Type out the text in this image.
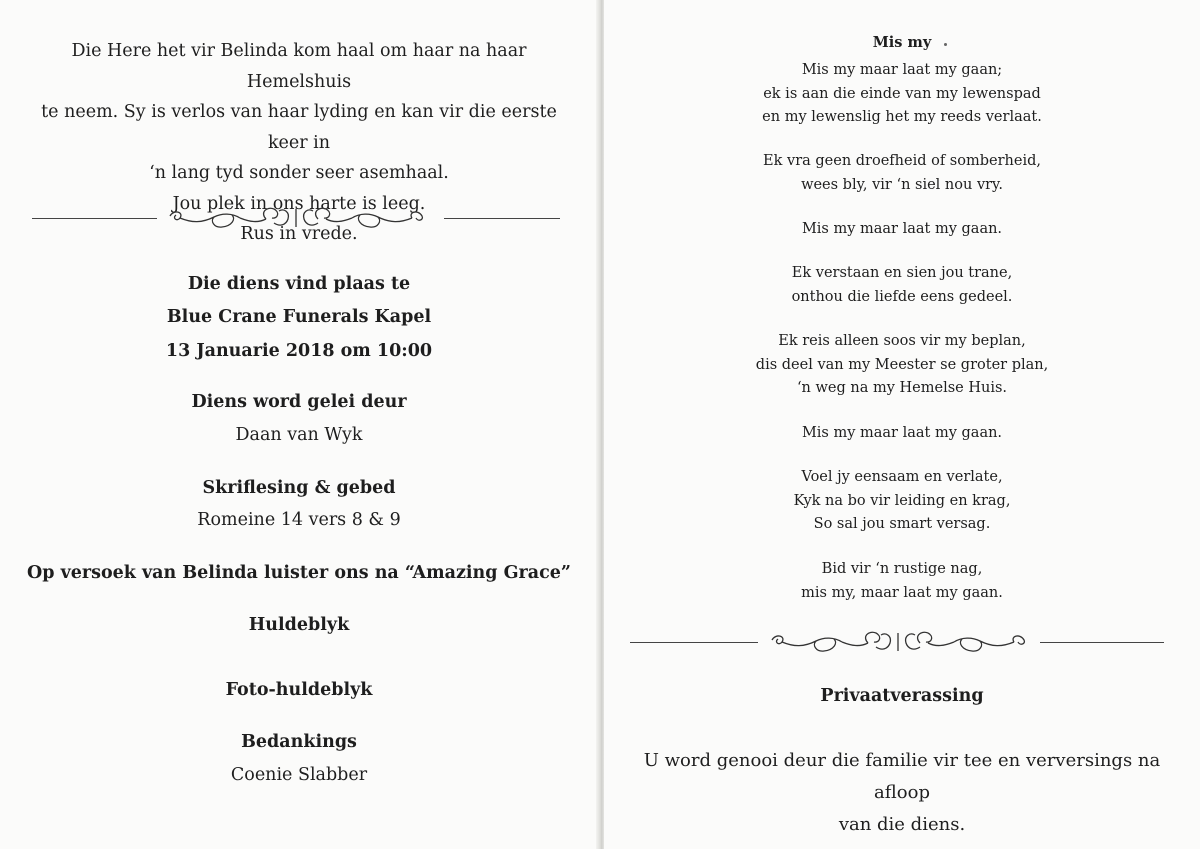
Die Here het vir Belinda kom haal om haar na haar Hemelshuis

te neem. Sy is verlos van haar lyding en kan vir die eerste keer in

‘n lang tyd sonder seer asemhaal.

Jou plek in ons harte is leeg.

Rus in vrede.

Die diens vind plaas te
Blue Crane Funerals Kapel
13 Januarie 2018 om 10:00
Diens word gelei deur
Daan van Wyk
Skriflesing & gebed
Romeine 14 vers 8 & 9
Op versoek van Belinda luister ons na “Amazing Grace”
Huldeblyk
Foto-huldeblyk
Bedankings
Coenie Slabber
Mis my

Mis my maar laat my gaan;

ek is aan die einde van my lewenspad

en my lewenslig het my reeds verlaat.

Ek vra geen droefheid of somberheid,

wees bly, vir ‘n siel nou vry.

Mis my maar laat my gaan.

Ek verstaan en sien jou trane,

onthou die liefde eens gedeel.

Ek reis alleen soos vir my beplan,

dis deel van my Meester se groter plan,

‘n weg na my Hemelse Huis.

Mis my maar laat my gaan.

Voel jy eensaam en verlate,

Kyk na bo vir leiding en krag,

So sal jou smart versag.

Bid vir ‘n rustige nag,

mis my, maar laat my gaan.

Privaatverassing

U word genooi deur die familie vir tee en verversings na afloop

van die diens.
